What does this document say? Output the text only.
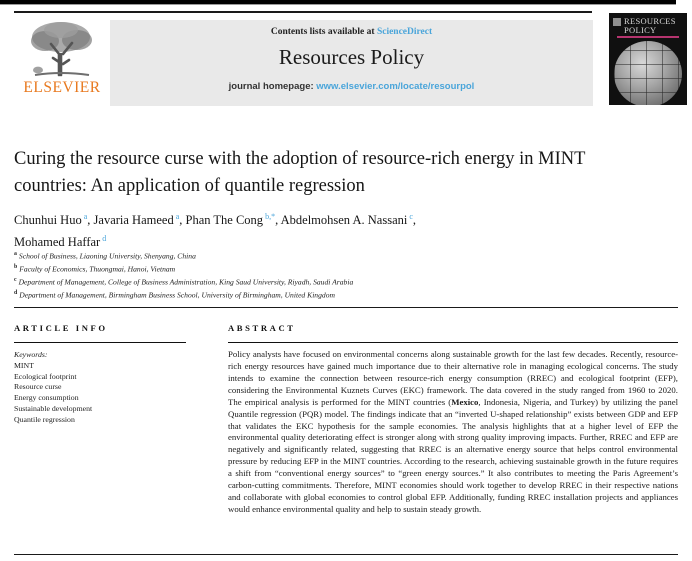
ELSEVIER
Contents lists available at ScienceDirect
Resources Policy
journal homepage: www.elsevier.com/locate/resourpol
RESOURCES
POLICY
Curing the resource curse with the adoption of resource-rich energy in MINT countries: An application of quantile regression
Chunhui Huo $^a$, Javaria Hameed $^a$, Phan The Cong $^{b,*}$, Abdelmohsen A. Nassani $^c$,
Mohamed Haffar $^d$
$^a$ School of Business, Liaoning University, Shenyang, China
$^b$ Faculty of Economics, Thuongmai, Hanoi, Vietnam
$^c$ Department of Management, College of Business Administration, King Saud University, Riyadh, Saudi Arabia
$^d$ Department of Management, Birmingham Business School, University of Birmingham, United Kingdom
ARTICLE INFO
Keywords:
MINT
Ecological footprint
Resource curse
Energy consumption
Sustainable development
Quantile regression
ABSTRACT
Policy analysts have focused on environmental concerns along sustainable growth for the last few decades. Recently, resource-rich energy resources have gained much importance due to their alternative role in managing ecological concerns. The study intends to examine the connection between resource-rich energy consumption (RREC) and ecological footprint (EFP), considering the Environmental Kuznets Curves (EKC) framework. The data covered in the study ranged from 1960 to 2020. The empirical analysis is performed for the MINT countries (Mexico, Indonesia, Nigeria, and Turkey) by utilizing the panel Quantile regression (PQR) model. The findings indicate that an “inverted U-shaped relationship” exists between GDP and EFP that validates the EKC hypothesis for the sample economies. The analysis highlights that at a higher level of EFP the environmental quality deteriorating effect is stronger along with strong quality improving impacts. Further, RREC and EFP are negatively and significantly related, suggesting that RREC is an alternative energy source that helps control environmental pressure by reducing EFP in the MINT countries. According to the research, achieving sustainable growth in the future requires a shift from “conventional energy sources” to “green energy sources.” It also contributes to meeting the Paris Agreement’s carbon-cutting commitments. Therefore, MINT economies should work together to develop RREC in their respective nations and collaborate with global economies to control global EFP. Additionally, funding RREC installation projects and appliances would enhance environmental quality and help to sustain steady growth.
